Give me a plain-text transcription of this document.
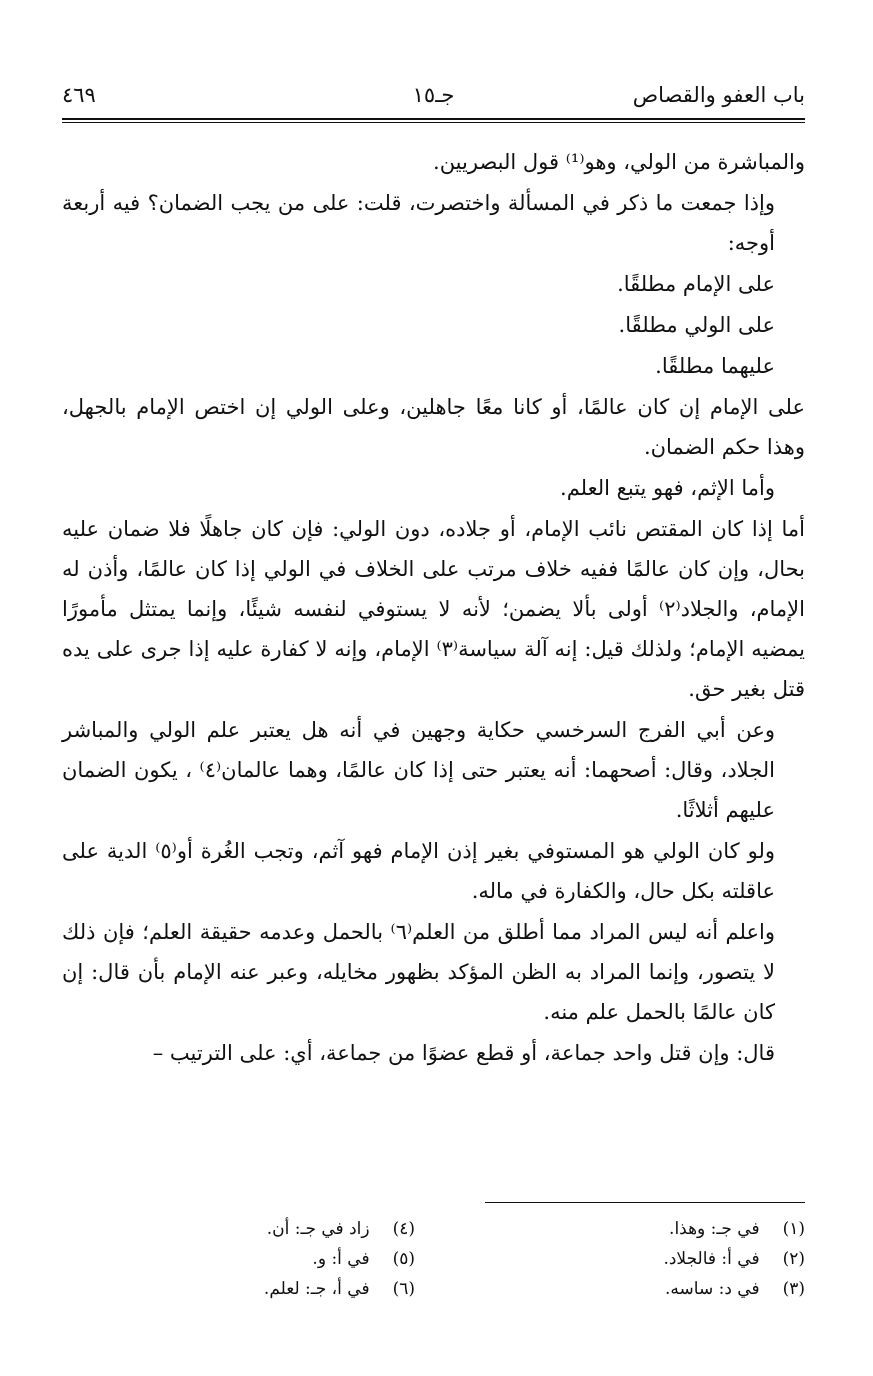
باب العفو والقصاص
جـ١٥
٤٦٩

والمباشرة من الولي، وهو⁽¹⁾ قول البصريين.

وإذا جمعت ما ذكر في المسألة واختصرت، قلت: على من يجب الضمان؟ فيه أربعة أوجه:

على الإمام مطلقًا.

على الولي مطلقًا.

عليهما مطلقًا.

على الإمام إن كان عالمًا، أو كانا معًا جاهلين، وعلى الولي إن اختص الإمام بالجهل، وهذا حكم الضمان.

وأما الإثم، فهو يتبع العلم.

أما إذا كان المقتص نائب الإمام، أو جلاده، دون الولي: فإن كان جاهلًا فلا ضمان عليه بحال، وإن كان عالمًا ففيه خلاف مرتب على الخلاف في الولي إذا كان عالمًا، وأذن له الإمام، والجلاد⁽٢⁾ أولى بألا يضمن؛ لأنه لا يستوفي لنفسه شيئًا، وإنما يمتثل مأمورًا يمضيه الإمام؛ ولذلك قيل: إنه آلة سياسة⁽٣⁾ الإمام، وإنه لا كفارة عليه إذا جرى على يده قتل بغير حق.

وعن أبي الفرج السرخسي حكاية وجهين في أنه هل يعتبر علم الولي والمباشر الجلاد، وقال: أصحهما: أنه يعتبر حتى إذا كان عالمًا، وهما عالمان⁽٤⁾ ، يكون الضمان عليهم أثلاثًا.

ولو كان الولي هو المستوفي بغير إذن الإمام فهو آثم، وتجب الغُرة أو⁽٥⁾ الدية على عاقلته بكل حال، والكفارة في ماله.

واعلم أنه ليس المراد مما أطلق من العلم⁽٦⁾ بالحمل وعدمه حقيقة العلم؛ فإن ذلك لا يتصور، وإنما المراد به الظن المؤكد بظهور مخايله، وعبر عنه الإمام بأن قال: إن كان عالمًا بالحمل علم منه.

قال: وإن قتل واحد جماعة، أو قطع عضوًا من جماعة، أي: على الترتيب –

(١) في جـ: وهذا.
(٢) في أ: فالجلاد.
(٣) في د: ساسه.
(٤) زاد في جـ: أن.
(٥) في أ: و.
(٦) في أ، جـ: لعلم.
